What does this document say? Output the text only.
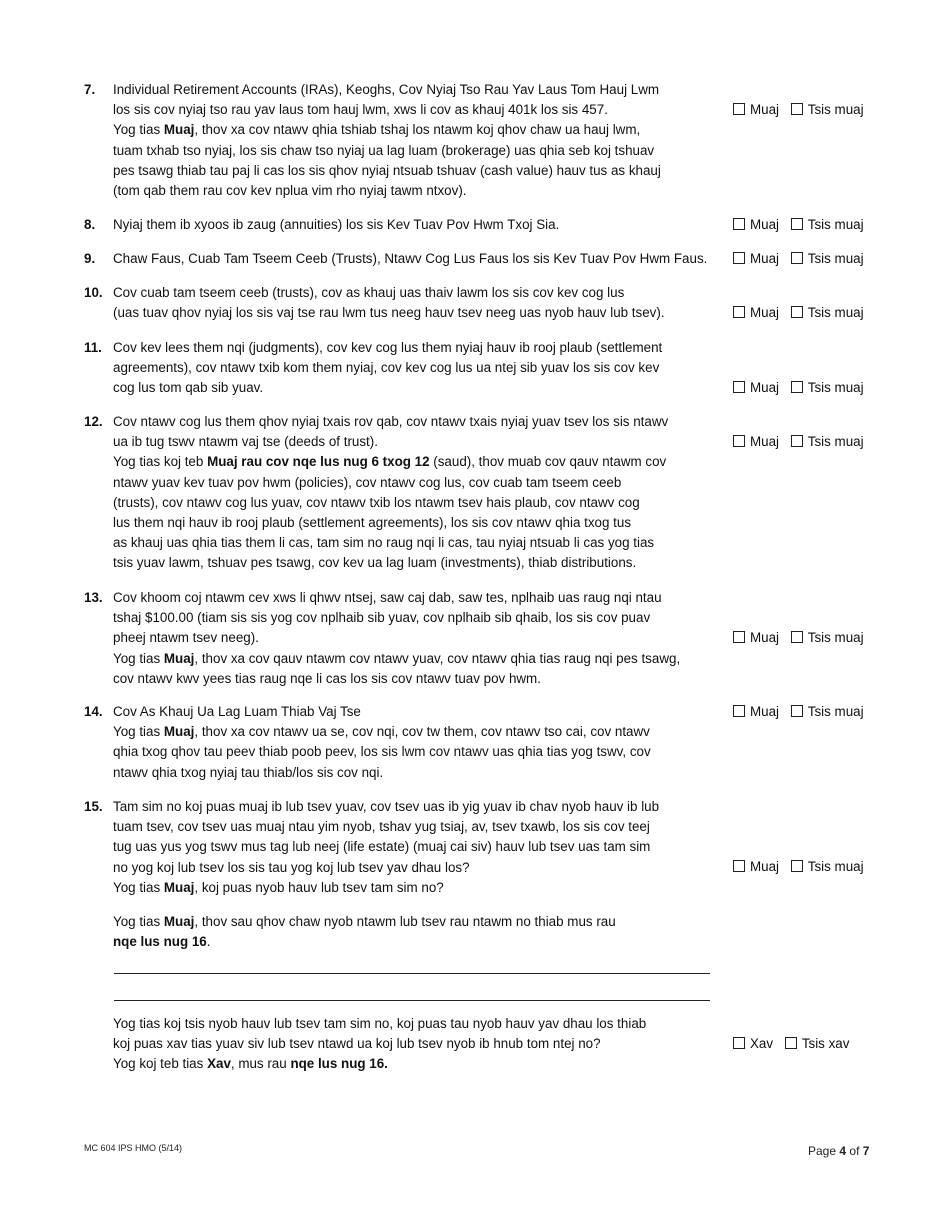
7. Individual Retirement Accounts (IRAs), Keoghs, Cov Nyiaj Tso Rau Yav Laus Tom Hauj Lwm

los sis cov nyiaj tso rau yav laus tom hauj lwm, xws li cov as khauj 401k los sis 457.

Yog tias Muaj, thov xa cov ntawv qhia tshiab tshaj los ntawm koj qhov chaw ua hauj lwm,

tuam txhab tso nyiaj, los sis chaw tso nyiaj ua lag luam (brokerage) uas qhia seb koj tshuav

pes tsawg thiab tau paj li cas los sis qhov nyiaj ntsuab tshuav (cash value) hauv tus as khauj

(tom qab them rau cov kev nplua vim rho nyiaj tawm ntxov).

Muaj Tsis muaj
8. Nyiaj them ib xyoos ib zaug (annuities) los sis Kev Tuav Pov Hwm Txoj Sia.	Muaj Tsis muaj
9. Chaw Faus, Cuab Tam Tseem Ceeb (Trusts), Ntawv Cog Lus Faus los sis Kev Tuav Pov Hwm Faus.	Muaj Tsis muaj
10. Cov cuab tam tseem ceeb (trusts), cov as khauj uas thaiv lawm los sis cov kev cog lus

(uas tuav qhov nyiaj los sis vaj tse rau lwm tus neeg hauv tsev neeg uas nyob hauv lub tsev).	Muaj Tsis muaj
11. Cov kev lees them nqi (judgments), cov kev cog lus them nyiaj hauv ib rooj plaub (settlement

agreements), cov ntawv txib kom them nyiaj, cov kev cog lus ua ntej sib yuav los sis cov kev

cog lus tom qab sib yuav.	Muaj Tsis muaj
12. Cov ntawv cog lus them qhov nyiaj txais rov qab, cov ntawv txais nyiaj yuav tsev los sis ntawv

ua ib tug tswv ntawm vaj tse (deeds of trust).

Yog tias koj teb Muaj rau cov nqe lus nug 6 txog 12 (saud), thov muab cov qauv ntawm cov

ntawv yuav kev tuav pov hwm (policies), cov ntawv cog lus, cov cuab tam tseem ceeb

(trusts), cov ntawv cog lus yuav, cov ntawv txib los ntawm tsev hais plaub, cov ntawv cog

lus them nqi hauv ib rooj plaub (settlement agreements), los sis cov ntawv qhia txog tus

as khauj uas qhia tias them li cas, tam sim no raug nqi li cas, tau nyiaj ntsuab li cas yog tias

tsis yuav lawm, tshuav pes tsawg, cov kev ua lag luam (investments), thiab distributions.

Muaj Tsis muaj
13. Cov khoom coj ntawm cev xws li qhwv ntsej, saw caj dab, saw tes, nplhaib uas raug nqi ntau

tshaj $100.00 (tiam sis sis yog cov nplhaib sib yuav, cov nplhaib sib qhaib, los sis cov puav

pheej ntawm tsev neeg).

Yog tias Muaj, thov xa cov qauv ntawm cov ntawv yuav, cov ntawv qhia tias raug nqi pes tsawg,

cov ntawv kwv yees tias raug nqe li cas los sis cov ntawv tuav pov hwm.

Muaj Tsis muaj
14. Cov As Khauj Ua Lag Luam Thiab Vaj Tse

Yog tias Muaj, thov xa cov ntawv ua se, cov nqi, cov tw them, cov ntawv tso cai, cov ntawv

qhia txog qhov tau peev thiab poob peev, los sis lwm cov ntawv uas qhia tias yog tswv, cov

ntawv qhia txog nyiaj tau thiab/los sis cov nqi.

Muaj Tsis muaj
15. Tam sim no koj puas muaj ib lub tsev yuav, cov tsev uas ib yig yuav ib chav nyob hauv ib lub

tuam tsev, cov tsev uas muaj ntau yim nyob, tshav yug tsiaj, av, tsev txawb, los sis cov teej

tug uas yus yog tswv mus tag lub neej (life estate) (muaj cai siv) hauv lub tsev uas tam sim

no yog koj lub tsev los sis tau yog koj lub tsev yav dhau los?

Yog tias Muaj, koj puas nyob hauv lub tsev tam sim no?

Muaj Tsis muaj

Yog tias Muaj, thov sau qhov chaw nyob ntawm lub tsev rau ntawm no thiab mus rau

nqe lus nug 16.

Yog tias koj tsis nyob hauv lub tsev tam sim no, koj puas tau nyob hauv yav dhau los thiab

koj puas xav tias yuav siv lub tsev ntawd ua koj lub tsev nyob ib hnub tom ntej no?

Yog koj teb tias Xav, mus rau nqe lus nug 16.

Xav Tsis xav
MC 604 IPS HMO (5/14)	Page 4 of 7
